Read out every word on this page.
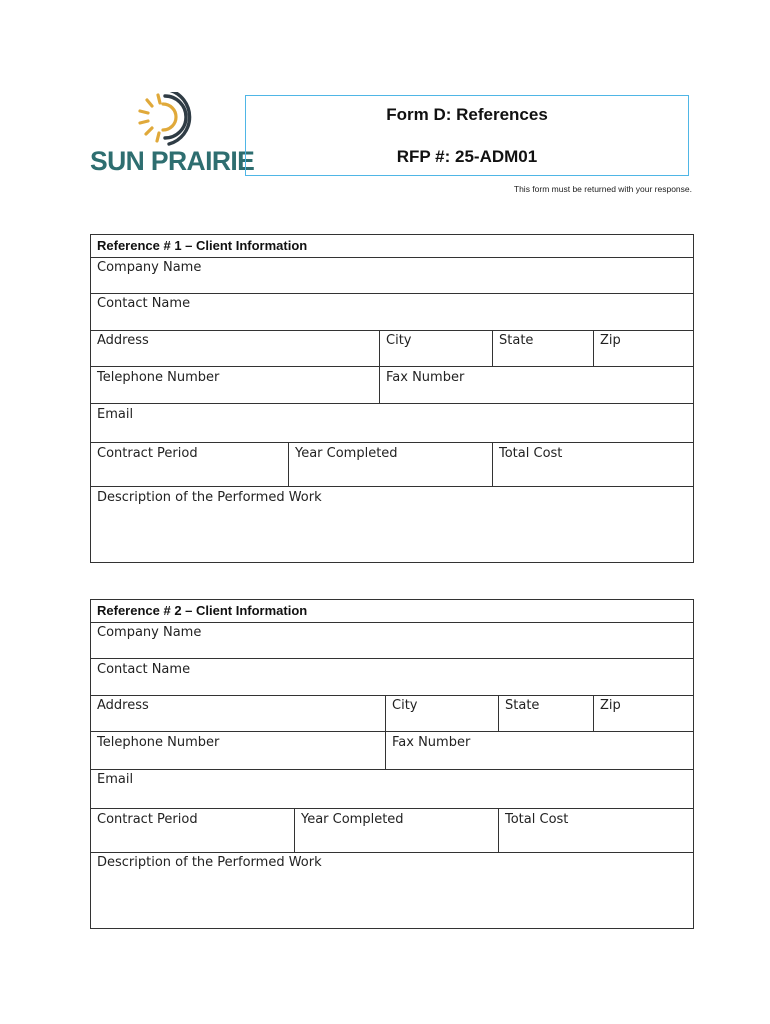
SUN PRAIRIE
Form D: References
RFP #: 25-ADM01
This form must be returned with your response.
Reference # 1 – Client Information
Company Name
Contact Name
Address	City	State	Zip
Telephone Number	Fax Number
Email
Contract Period	Year Completed	Total Cost
Description of the Performed Work
Reference # 2 – Client Information
Company Name
Contact Name
Address	City	State	Zip
Telephone Number	Fax Number
Email
Contract Period	Year Completed	Total Cost
Description of the Performed Work
